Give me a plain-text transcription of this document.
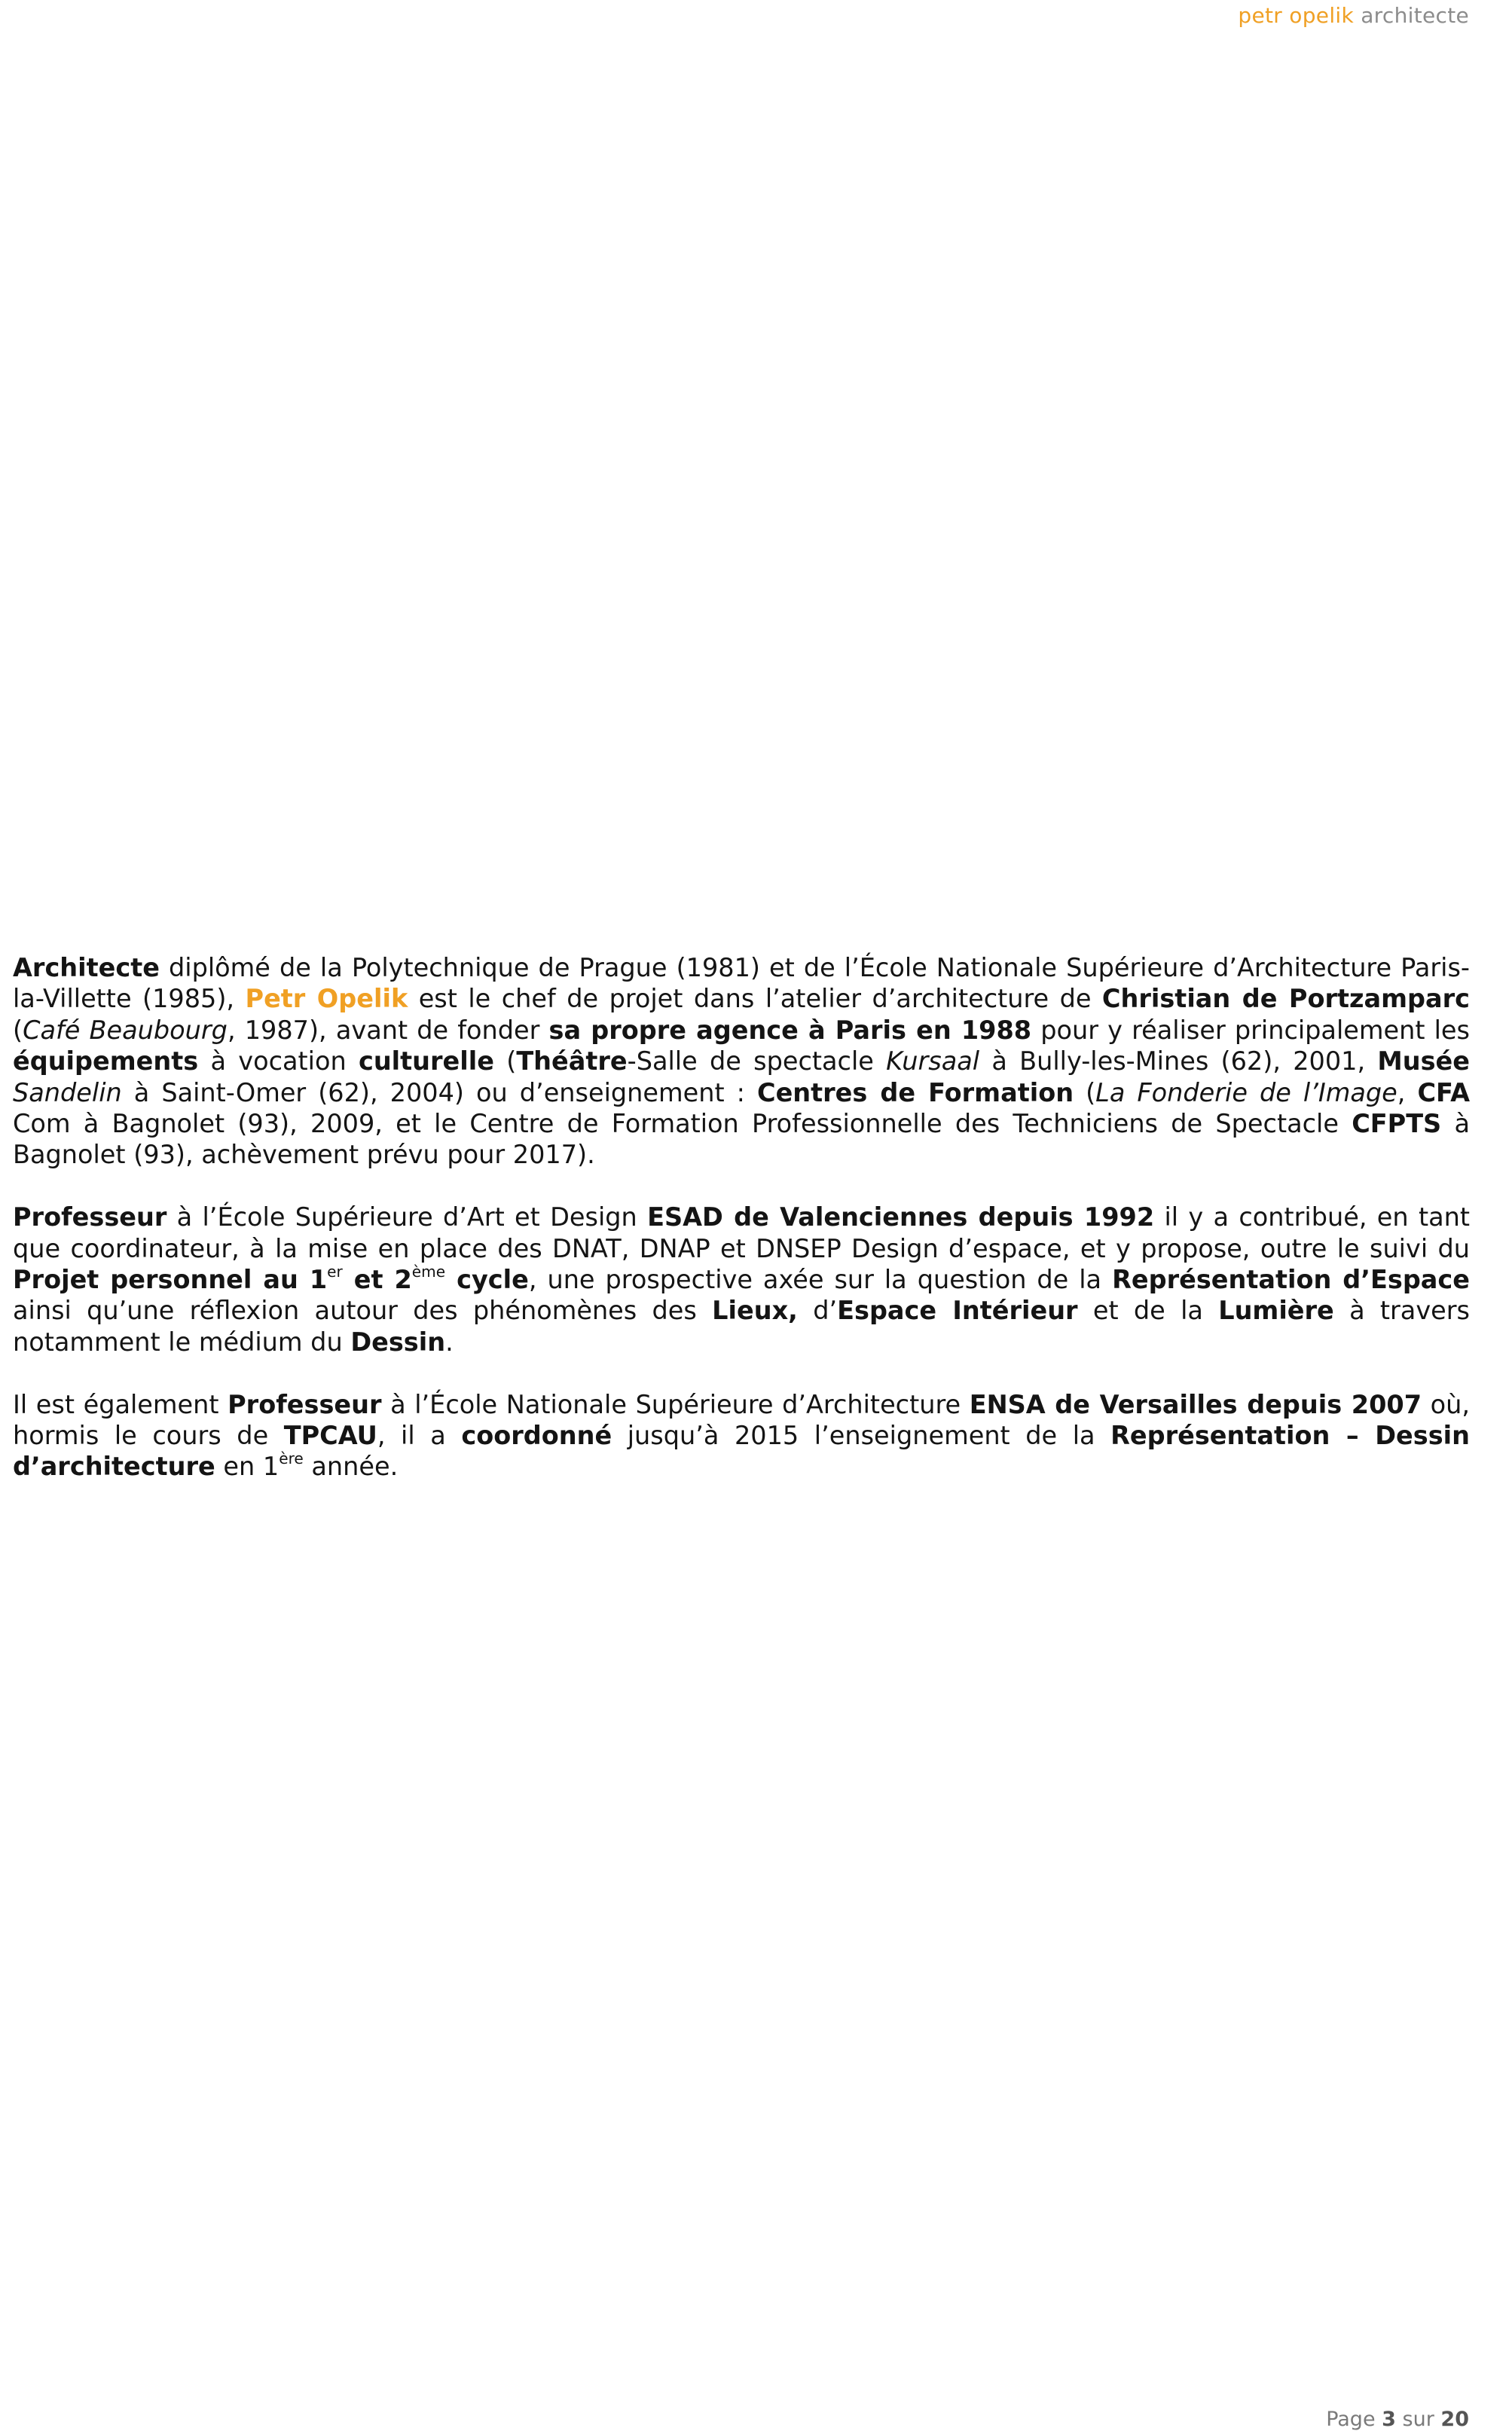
petr opelik architecte

Architecte diplômé de la Polytechnique de Prague (1981) et de l’École Nationale Supérieure d’Architecture Paris-la-Villette (1985), Petr Opelik est le chef de projet dans l’atelier d’architecture de Christian de Portzamparc (Café Beaubourg, 1987), avant de fonder sa propre agence à Paris en 1988 pour y réaliser principalement les équipements à vocation culturelle (Théâtre-Salle de spectacle Kursaal à Bully-les-Mines (62), 2001, Musée Sandelin à Saint-Omer (62), 2004) ou d’enseignement : Centres de Formation (La Fonderie de l’Image, CFA Com à Bagnolet (93), 2009, et le Centre de Formation Professionnelle des Techniciens de Spectacle CFPTS à Bagnolet (93), achèvement prévu pour 2017).

Professeur à l’École Supérieure d’Art et Design ESAD de Valenciennes depuis 1992 il y a contribué, en tant que coordinateur, à la mise en place des DNAT, DNAP et DNSEP Design d’espace, et y propose, outre le suivi du Projet personnel au 1er et 2ème cycle, une prospective axée sur la question de la Représentation d’Espace ainsi qu’une réflexion autour des phénomènes des Lieux, d’Espace Intérieur et de la Lumière à travers notamment le médium du Dessin.

Il est également Professeur à l’École Nationale Supérieure d’Architecture ENSA de Versailles depuis 2007 où, hormis le cours de TPCAU, il a coordonné jusqu’à 2015 l’enseignement de la Représentation – Dessin d’architecture en 1ère année.

Page 3 sur 20
